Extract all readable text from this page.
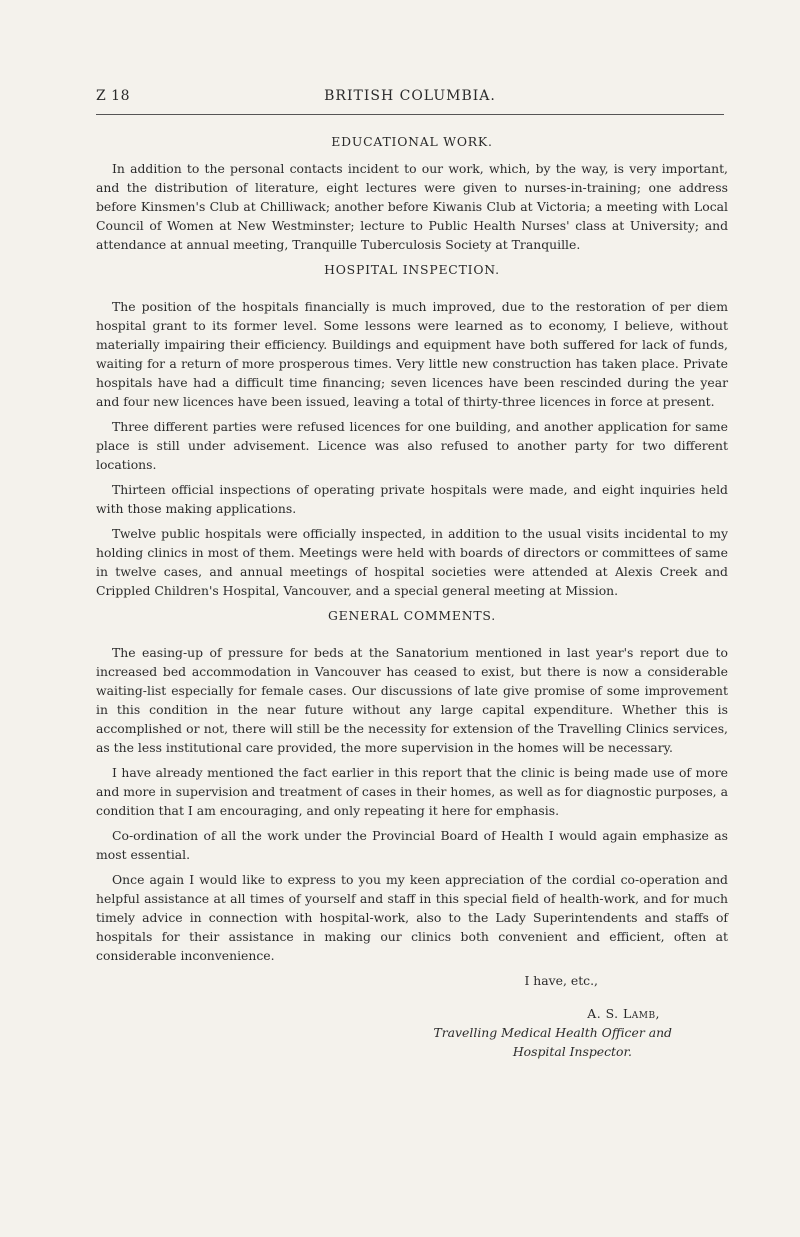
Z 18	BRITISH COLUMBIA.
EDUCATIONAL WORK.

In addition to the personal contacts incident to our work, which, by the way, is very important, and the distribution of literature, eight lectures were given to nurses-in-training; one address before Kinsmen's Club at Chilliwack; another before Kiwanis Club at Victoria; a meeting with Local Council of Women at New Westminster; lecture to Public Health Nurses' class at University; and attendance at annual meeting, Tranquille Tuberculosis Society at Tranquille.

HOSPITAL INSPECTION.

The position of the hospitals financially is much improved, due to the restoration of per diem hospital grant to its former level. Some lessons were learned as to economy, I believe, without materially impairing their efficiency. Buildings and equipment have both suffered for lack of funds, waiting for a return of more prosperous times. Very little new construction has taken place. Private hospitals have had a difficult time financing; seven licences have been rescinded during the year and four new licences have been issued, leaving a total of thirty-three licences in force at present.

Three different parties were refused licences for one building, and another application for same place is still under advisement. Licence was also refused to another party for two different locations.

Thirteen official inspections of operating private hospitals were made, and eight inquiries held with those making applications.

Twelve public hospitals were officially inspected, in addition to the usual visits incidental to my holding clinics in most of them. Meetings were held with boards of directors or committees of same in twelve cases, and annual meetings of hospital societies were attended at Alexis Creek and Crippled Children's Hospital, Vancouver, and a special general meeting at Mission.

GENERAL COMMENTS.

The easing-up of pressure for beds at the Sanatorium mentioned in last year's report due to increased bed accommodation in Vancouver has ceased to exist, but there is now a considerable waiting-list especially for female cases. Our discussions of late give promise of some improvement in this condition in the near future without any large capital expenditure. Whether this is accomplished or not, there will still be the necessity for extension of the Travelling Clinics services, as the less institutional care provided, the more supervision in the homes will be necessary.

I have already mentioned the fact earlier in this report that the clinic is being made use of more and more in supervision and treatment of cases in their homes, as well as for diagnostic purposes, a condition that I am encouraging, and only repeating it here for emphasis.

Co-ordination of all the work under the Provincial Board of Health I would again emphasize as most essential.

Once again I would like to express to you my keen appreciation of the cordial co-operation and helpful assistance at all times of yourself and staff in this special field of health-work, and for much timely advice in connection with hospital-work, also to the Lady Superintendents and staffs of hospitals for their assistance in making our clinics both convenient and efficient, often at considerable inconvenience.

I have, etc.,
A. S. Lamb,
Travelling Medical Health Officer and
Hospital Inspector.
